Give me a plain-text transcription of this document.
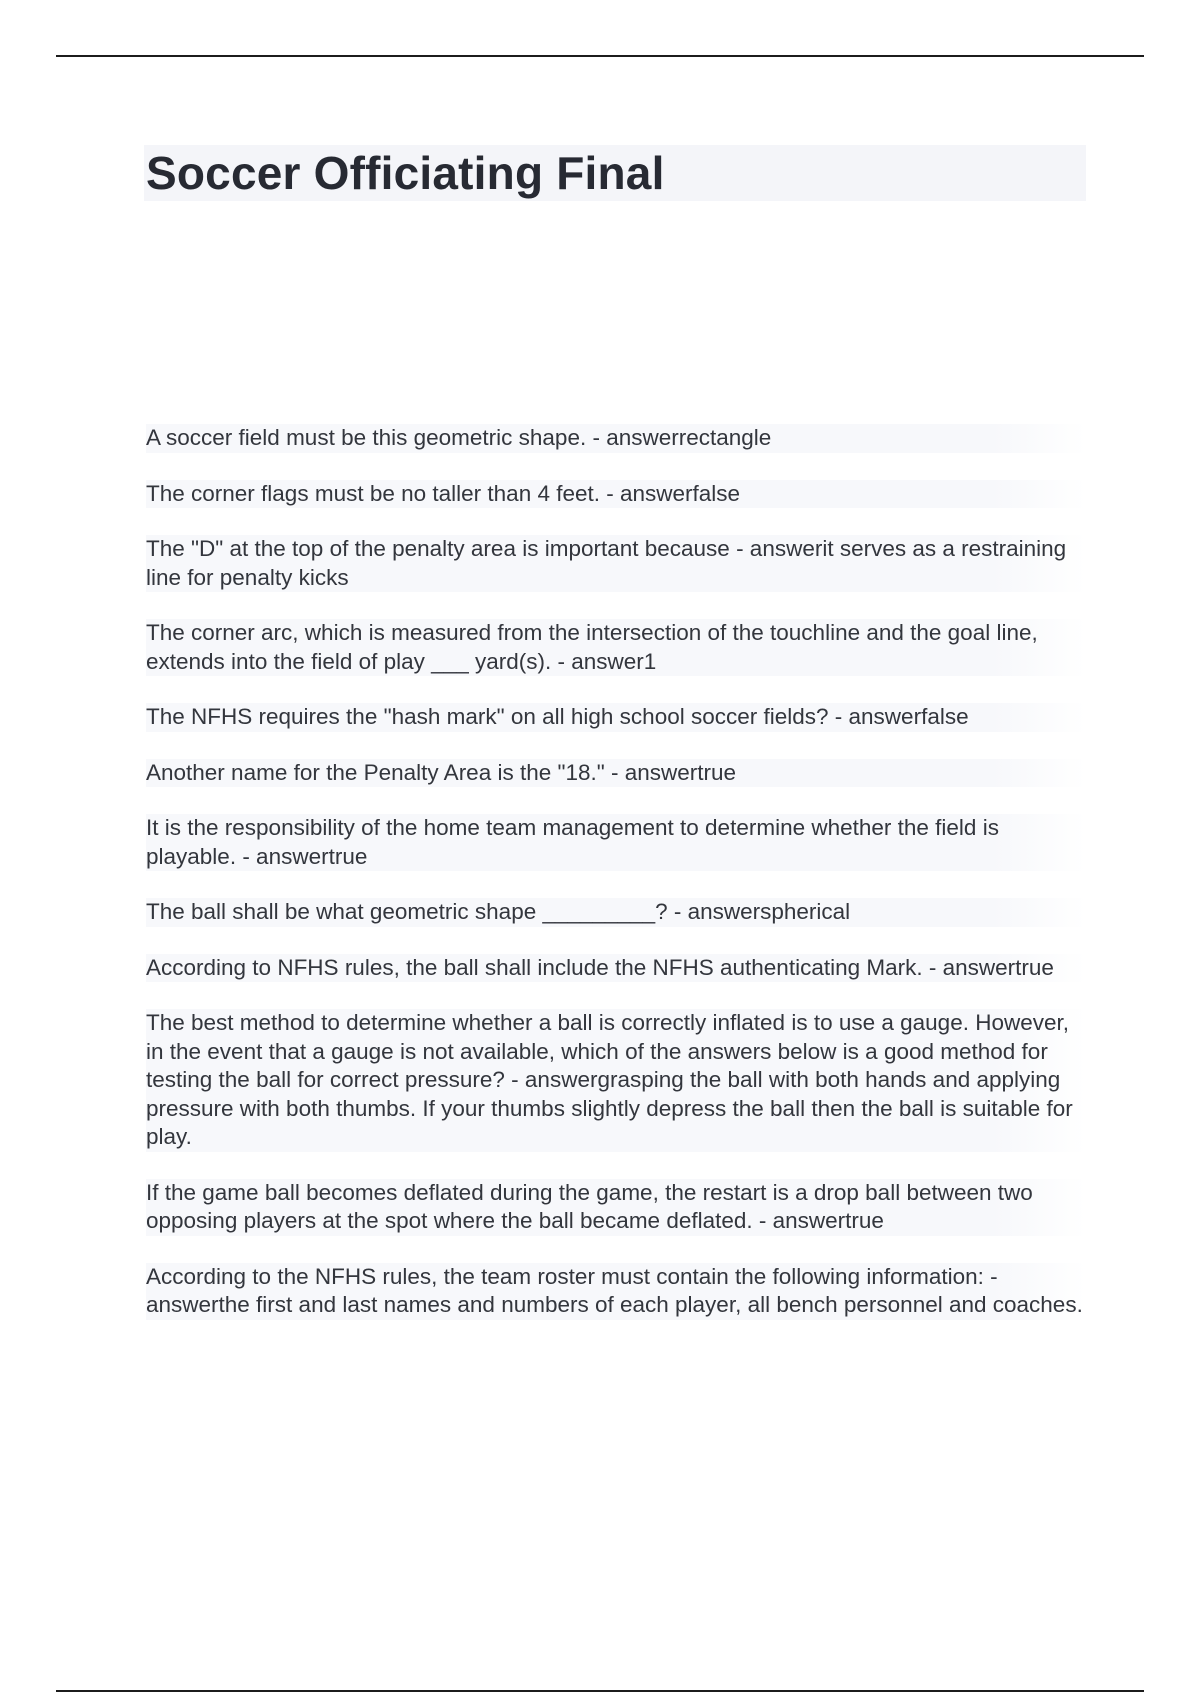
Soccer Officiating Final
A soccer field must be this geometric shape. - answerrectangle
The corner flags must be no taller than 4 feet. - answerfalse
The "D" at the top of the penalty area is important because - answerit serves as a restraining line for penalty kicks
The corner arc, which is measured from the intersection of the touchline and the goal line, extends into the field of play ___ yard(s). - answer1
The NFHS requires the "hash mark" on all high school soccer fields? - answerfalse
Another name for the Penalty Area is the "18." - answertrue
It is the responsibility of the home team management to determine whether the field is playable. - answertrue
The ball shall be what geometric shape _________? - answerspherical
According to NFHS rules, the ball shall include the NFHS authenticating Mark. - answertrue
The best method to determine whether a ball is correctly inflated is to use a gauge. However, in the event that a gauge is not available, which of the answers below is a good method for testing the ball for correct pressure? - answergrasping the ball with both hands and applying pressure with both thumbs. If your thumbs slightly depress the ball then the ball is suitable for play.
If the game ball becomes deflated during the game, the restart is a drop ball between two opposing players at the spot where the ball became deflated. - answertrue
According to the NFHS rules, the team roster must contain the following information: - answerthe first and last names and numbers of each player, all bench personnel and coaches.
